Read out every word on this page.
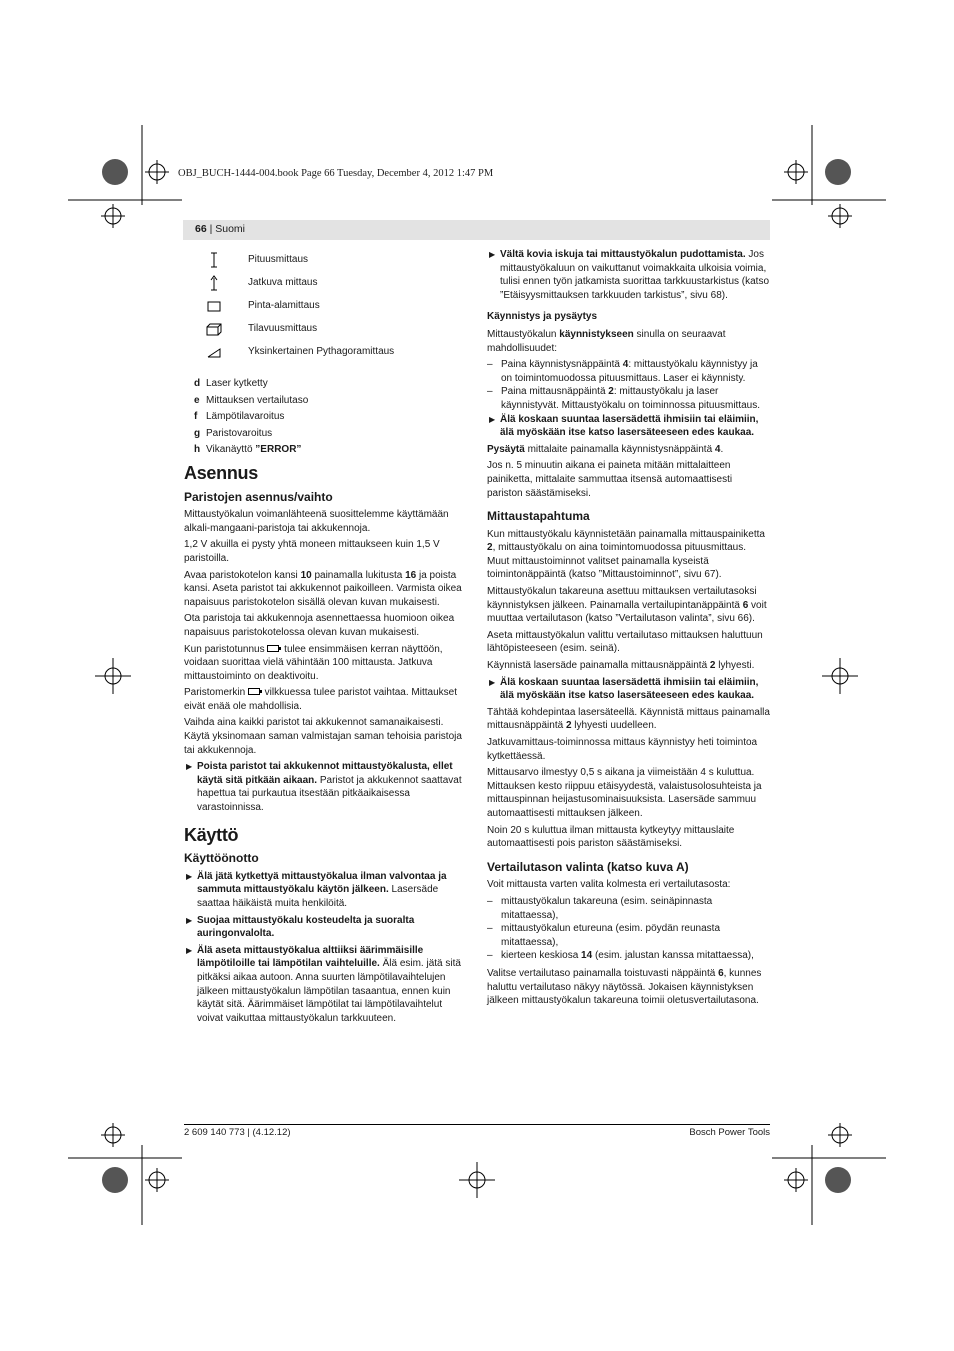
OBJ_BUCH-1444-004.book Page 66 Tuesday, December 4, 2012 1:47 PM
66 | Suomi
Pituusmittaus
Jatkuva mittaus
Pinta-alamittaus
Tilavuusmittaus
Yksinkertainen Pythagoramittaus
d Laser kytketty
e Mittauksen vertailutaso
f Lämpötilavaroitus
g Paristovaroitus
h Vikanäyttö ”ERROR”
Asennus
Paristojen asennus/vaihto

Mittaustyökalun voimanlähteenä suosittelemme käyttämään alkali-mangaani-paristoja tai akkukennoja.

1,2 V akuilla ei pysty yhtä moneen mittaukseen kuin 1,5 V paristoilla.

Avaa paristokotelon kansi 10 painamalla lukitusta 16 ja poista kansi. Aseta paristot tai akkukennot paikoilleen. Varmista oikea napaisuus paristokotelon sisällä olevan kuvan mukaisesti.

Ota paristoja tai akkukennoja asennettaessa huomioon oikea napaisuus paristokotelossa olevan kuvan mukaisesti.

Kun paristotunnus  tulee ensimmäisen kerran näyttöön, voidaan suorittaa vielä vähintään 100 mittausta. Jatkuva mittaustoiminto on deaktivoitu.

Paristomerkin  vilkkuessa tulee paristot vaihtaa. Mittaukset eivät enää ole mahdollisia.

Vaihda aina kaikki paristot tai akkukennot samanaikaisesti. Käytä yksinomaan saman valmistajan saman tehoisia paristoja tai akkukennoja.

▶ Poista paristot tai akkukennot mittaustyökalusta, ellet käytä sitä pitkään aikaan. Paristot ja akkukennot saattavat hapettua tai purkautua itsestään pitkäaikaisessa varastoinnissa.
Käyttö
Käyttöönotto
▶ Älä jätä kytkettyä mittaustyökalua ilman valvontaa ja sammuta mittaustyökalu käytön jälkeen. Lasersäde saattaa häikäistä muita henkilöitä.
▶ Suojaa mittaustyökalu kosteudelta ja suoralta auringonvalolta.
▶ Älä aseta mittaustyökalua alttiiksi äärimmäisille lämpötiloille tai lämpötilan vaihteluille. Älä esim. jätä sitä pitkäksi aikaa autoon. Anna suurten lämpötilavaihtelujen jälkeen mittaustyökalun lämpötilan tasaantua, ennen kuin käytät sitä. Äärimmäiset lämpötilat tai lämpötilavaihtelut voivat vaikuttaa mittaustyökalun tarkkuuteen.
▶ Vältä kovia iskuja tai mittaustyökalun pudottamista. Jos mittaustyökaluun on vaikuttanut voimakkaita ulkoisia voimia, tulisi ennen työn jatkamista suorittaa tarkkuustarkistus (katso ”Etäisyysmittauksen tarkkuuden tarkistus”, sivu 68).
Käynnistys ja pysäytys

Mittaustyökalun käynnistykseen sinulla on seuraavat mahdollisuudet:

– Paina käynnistysnäppäintä 4: mittaustyökalu käynnistyy ja on toimintomuodossa pituusmittaus. Laser ei käynnisty.
– Paina mittausnäppäintä 2: mittaustyökalu ja laser käynnistyvät. Mittaustyökalu on toiminnossa pituusmittaus.
▶ Älä koskaan suuntaa lasersädettä ihmisiin tai eläimiin, älä myöskään itse katso lasersäteeseen edes kaukaa.

Pysäytä mittalaite painamalla käynnistysnäppäintä 4.

Jos n. 5 minuutin aikana ei paineta mitään mittalaitteen painiketta, mittalaite sammuttaa itsensä automaattisesti pariston säästämiseksi.

Mittaustapahtuma

Kun mittaustyökalu käynnistetään painamalla mittauspainiketta 2, mittaustyökalu on aina toimintomuodossa pituusmittaus. Muut mittaustoiminnot valitset painamalla kyseistä toimintonäppäintä (katso ”Mittaustoiminnot”, sivu 67).

Mittaustyökalun takareuna asettuu mittauksen vertailutasoksi käynnistyksen jälkeen. Painamalla vertailupintanäppäintä 6 voit muuttaa vertailutason (katso ”Vertailutason valinta”, sivu 66).

Aseta mittaustyökalun valittu vertailutaso mittauksen haluttuun lähtöpisteeseen (esim. seinä).

Käynnistä lasersäde painamalla mittausnäppäintä 2 lyhyesti.

▶ Älä koskaan suuntaa lasersädettä ihmisiin tai eläimiin, älä myöskään itse katso lasersäteeseen edes kaukaa.

Tähtää kohdepintaa lasersäteellä. Käynnistä mittaus painamalla mittausnäppäintä 2 lyhyesti uudelleen.

Jatkuvamittaus-toiminnossa mittaus käynnistyy heti toimintoa kytkettäessä.

Mittausarvo ilmestyy 0,5 s aikana ja viimeistään 4 s kuluttua. Mittauksen kesto riippuu etäisyydestä, valaistusolosuhteista ja mittauspinnan heijastusominaisuuksista. Lasersäde sammuu automaattisesti mittauksen jälkeen.

Noin 20 s kuluttua ilman mittausta kytkeytyy mittauslaite automaattisesti pois pariston säästämiseksi.

Vertailutason valinta (katso kuva A)

Voit mittausta varten valita kolmesta eri vertailutasosta:

– mittaustyökalun takareuna (esim. seinäpinnasta mitattaessa),
– mittaustyökalun etureuna (esim. pöydän reunasta mitattaessa),
– kierteen keskiosa 14 (esim. jalustan kanssa mitattaessa),

Valitse vertailutaso painamalla toistuvasti näppäintä 6, kunnes haluttu vertailutaso näkyy näytössä. Jokaisen käynnistyksen jälkeen mittaustyökalun takareuna toimii oletusvertailutasona.

2 609 140 773 | (4.12.12)	Bosch Power Tools
